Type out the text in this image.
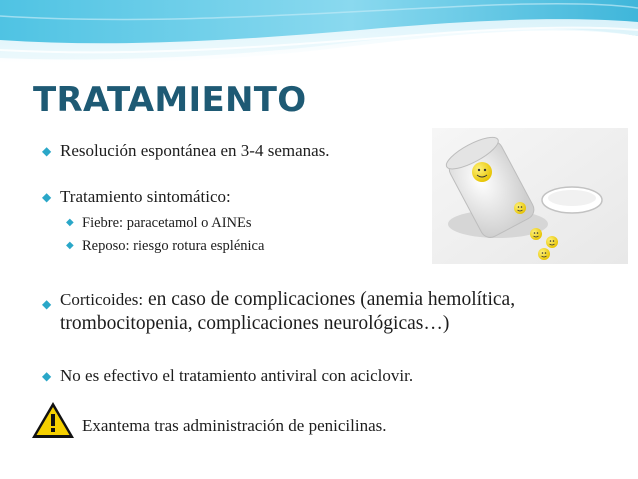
TRATAMIENTO
◆ Resolución espontánea en 3-4 semanas.
◆ Tratamiento sintomático:
◆ Fiebre: paracetamol o AINEs
◆ Reposo: riesgo rotura esplénica
◆ Corticoides: en caso de complicaciones (anemia hemolítica, trombocitopenia, complicaciones neurológicas…)
◆ No es efectivo el tratamiento antiviral con aciclovir.
Exantema tras administración de penicilinas.
